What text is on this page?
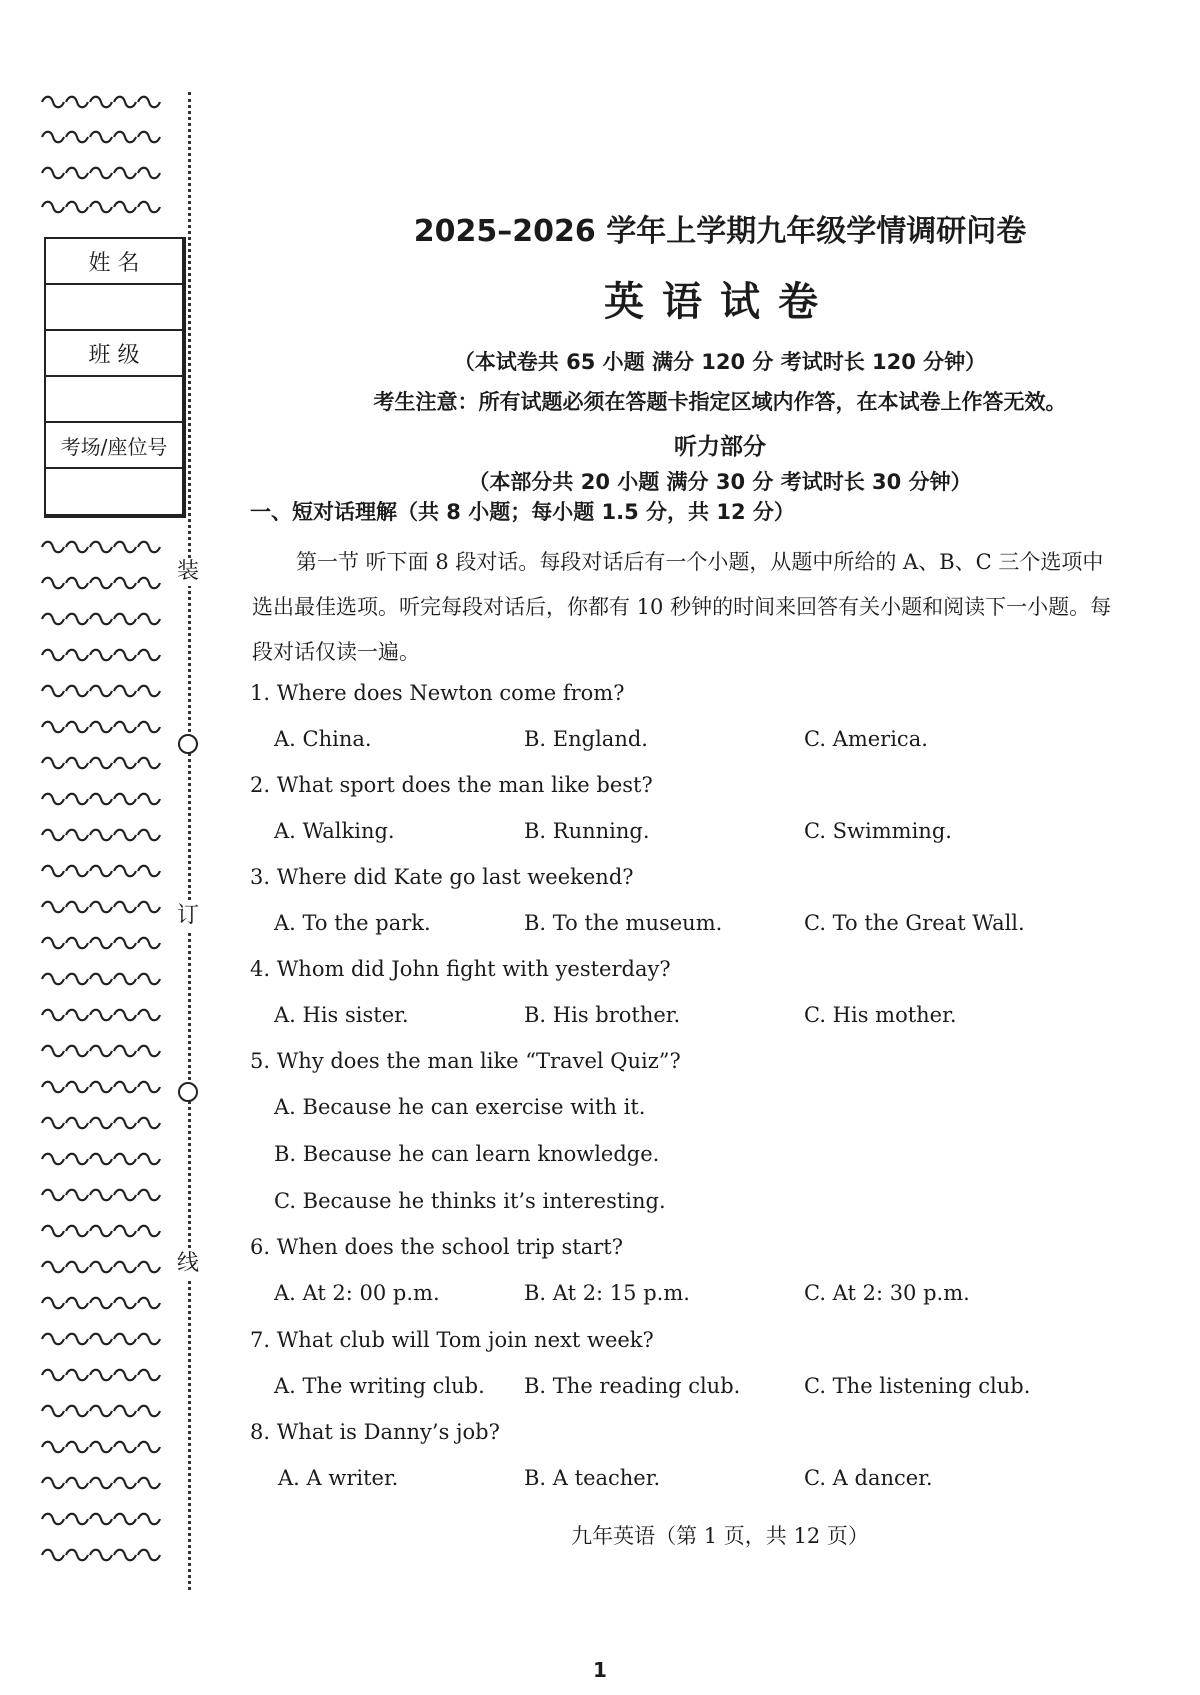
装
订
线
姓 名
班 级
考场/座位号
2025–2026 学年上学期九年级学情调研问卷
英语试卷
（本试卷共 65 小题 满分 120 分 考试时长 120 分钟）
考生注意：所有试题必须在答题卡指定区域内作答，在本试卷上作答无效。
听力部分
（本部分共 20 小题 满分 30 分 考试时长 30 分钟）
一、短对话理解（共 8 小题；每小题 1.5 分，共 12 分）
第一节 听下面 8 段对话。每段对话后有一个小题，从题中所给的 A、B、C 三个选项中选出最佳选项。听完每段对话后，你都有 10 秒钟的时间来回答有关小题和阅读下一小题。每段对话仅读一遍。
1. Where does Newton come from?
A. China.	B. England.	C. America.
2. What sport does the man like best?
A. Walking.	B. Running.	C. Swimming.
3. Where did Kate go last weekend?
A. To the park.	B. To the museum.	C. To the Great Wall.
4. Whom did John fight with yesterday?
A. His sister.	B. His brother.	C. His mother.
5. Why does the man like “Travel Quiz”?
A. Because he can exercise with it.
B. Because he can learn knowledge.
C. Because he thinks it’s interesting.
6. When does the school trip start?
A. At 2: 00 p.m.	B. At 2: 15 p.m.	C. At 2: 30 p.m.
7. What club will Tom join next week?
A. The writing club. B. The reading club.	C. The listening club.
8. What is Danny’s job?
A. A writer.	B. A teacher.	C. A dancer.
九年英语（第 1 页，共 12 页）
1
